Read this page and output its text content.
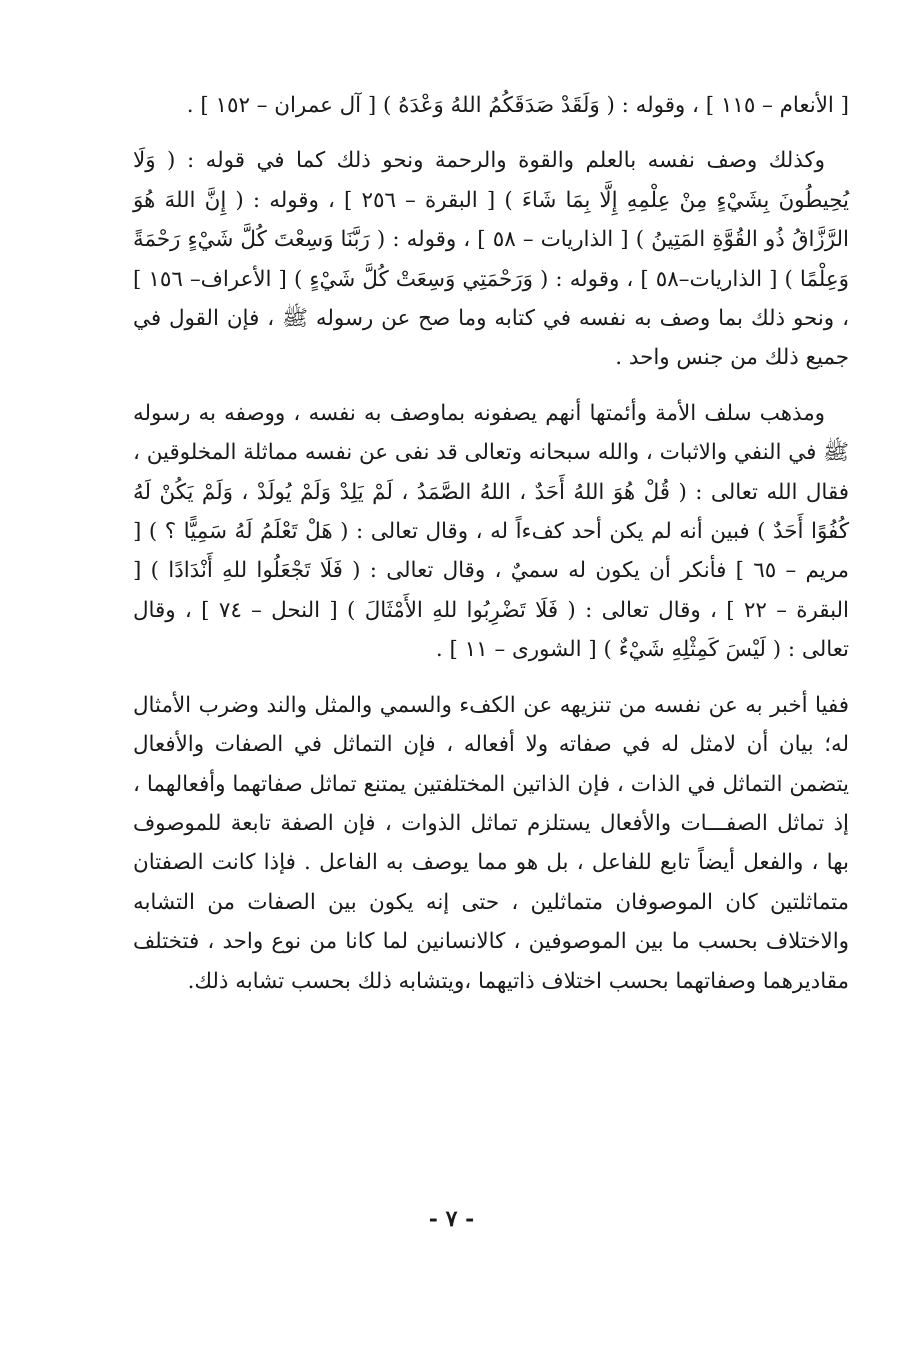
[ الأنعام – ١١٥ ] ، وقوله : ( وَلَقَدْ صَدَقَكُمُ اللهُ وَعْدَهُ ) [ آل عمران – ١٥٢ ] .

وكذلك وصف نفسه بالعلم والقوة والرحمة ونحو ذلك كما في قوله : ( وَلَا يُحِيطُونَ بِشَيْءٍ مِنْ عِلْمِهِ إِلَّا بِمَا شَاءَ ) [ البقرة – ٢٥٦ ] ، وقوله : ( إِنَّ اللهَ هُوَ الرَّزَّاقُ ذُو القُوَّةِ المَتِينُ ) [ الذاريات – ٥٨ ] ، وقوله : ( رَبَّنَا وَسِعْتَ كُلَّ شَيْءٍ رَحْمَةً وَعِلْمًا ) [ الذاريات–٥٨ ] ، وقوله : ( وَرَحْمَتِي وَسِعَتْ كُلَّ شَيْءٍ ) [ الأعراف– ١٥٦ ] ، ونحو ذلك بما وصف به نفسه في كتابه وما صح عن رسوله ﷺ ، فإن القول في جميع ذلك من جنس واحد .

ومذهب سلف الأمة وأئمتها أنهم يصفونه بماوصف به نفسه ، ووصفه به رسوله ﷺ في النفي والاثبات ، والله سبحانه وتعالى قد نفى عن نفسه مماثلة المخلوقين ، فقال الله تعالى : ( قُلْ هُوَ اللهُ أَحَدٌ ، اللهُ الصَّمَدُ ، لَمْ يَلِدْ وَلَمْ يُولَدْ ، وَلَمْ يَكُنْ لَهُ كُفُوًا أَحَدٌ ) فبين أنه لم يكن أحد كفءاً له ، وقال تعالى : ( هَلْ تَعْلَمُ لَهُ سَمِيًّا ؟ ) [ مريم – ٦٥ ] فأنكر أن يكون له سميٌ ، وقال تعالى : ( فَلَا تَجْعَلُوا للهِ أَنْدَادًا ) [ البقرة – ٢٢ ] ، وقال تعالى : ( فَلَا تَضْرِبُوا للهِ الأَمْثَالَ ) [ النحل – ٧٤ ] ، وقال تعالى : ( لَيْسَ كَمِثْلِهِ شَيْءٌ ) [ الشورى – ١١ ] .

ففيا أخبر به عن نفسه من تنزيهه عن الكفء والسمي والمثل والند وضرب الأمثال له؛ بيان أن لامثل له في صفاته ولا أفعاله ، فإن التماثل في الصفات والأفعال يتضمن التماثل في الذات ، فإن الذاتين المختلفتين يمتنع تماثل صفاتهما وأفعالهما ، إذ تماثل الصفـــات والأفعال يستلزم تماثل الذوات ، فإن الصفة تابعة للموصوف بها ، والفعل أيضاً تابع للفاعل ، بل هو مما يوصف به الفاعل . فإذا كانت الصفتان متماثلتين كان الموصوفان متماثلين ، حتى إنه يكون بين الصفات من التشابه والاختلاف بحسب ما بين الموصوفين ، كالانسانين لما كانا من نوع واحد ، فتختلف مقاديرهما وصفاتهما بحسب اختلاف ذاتيهما ،ويتشابه ذلك بحسب تشابه ذلك.

- ٧ -
